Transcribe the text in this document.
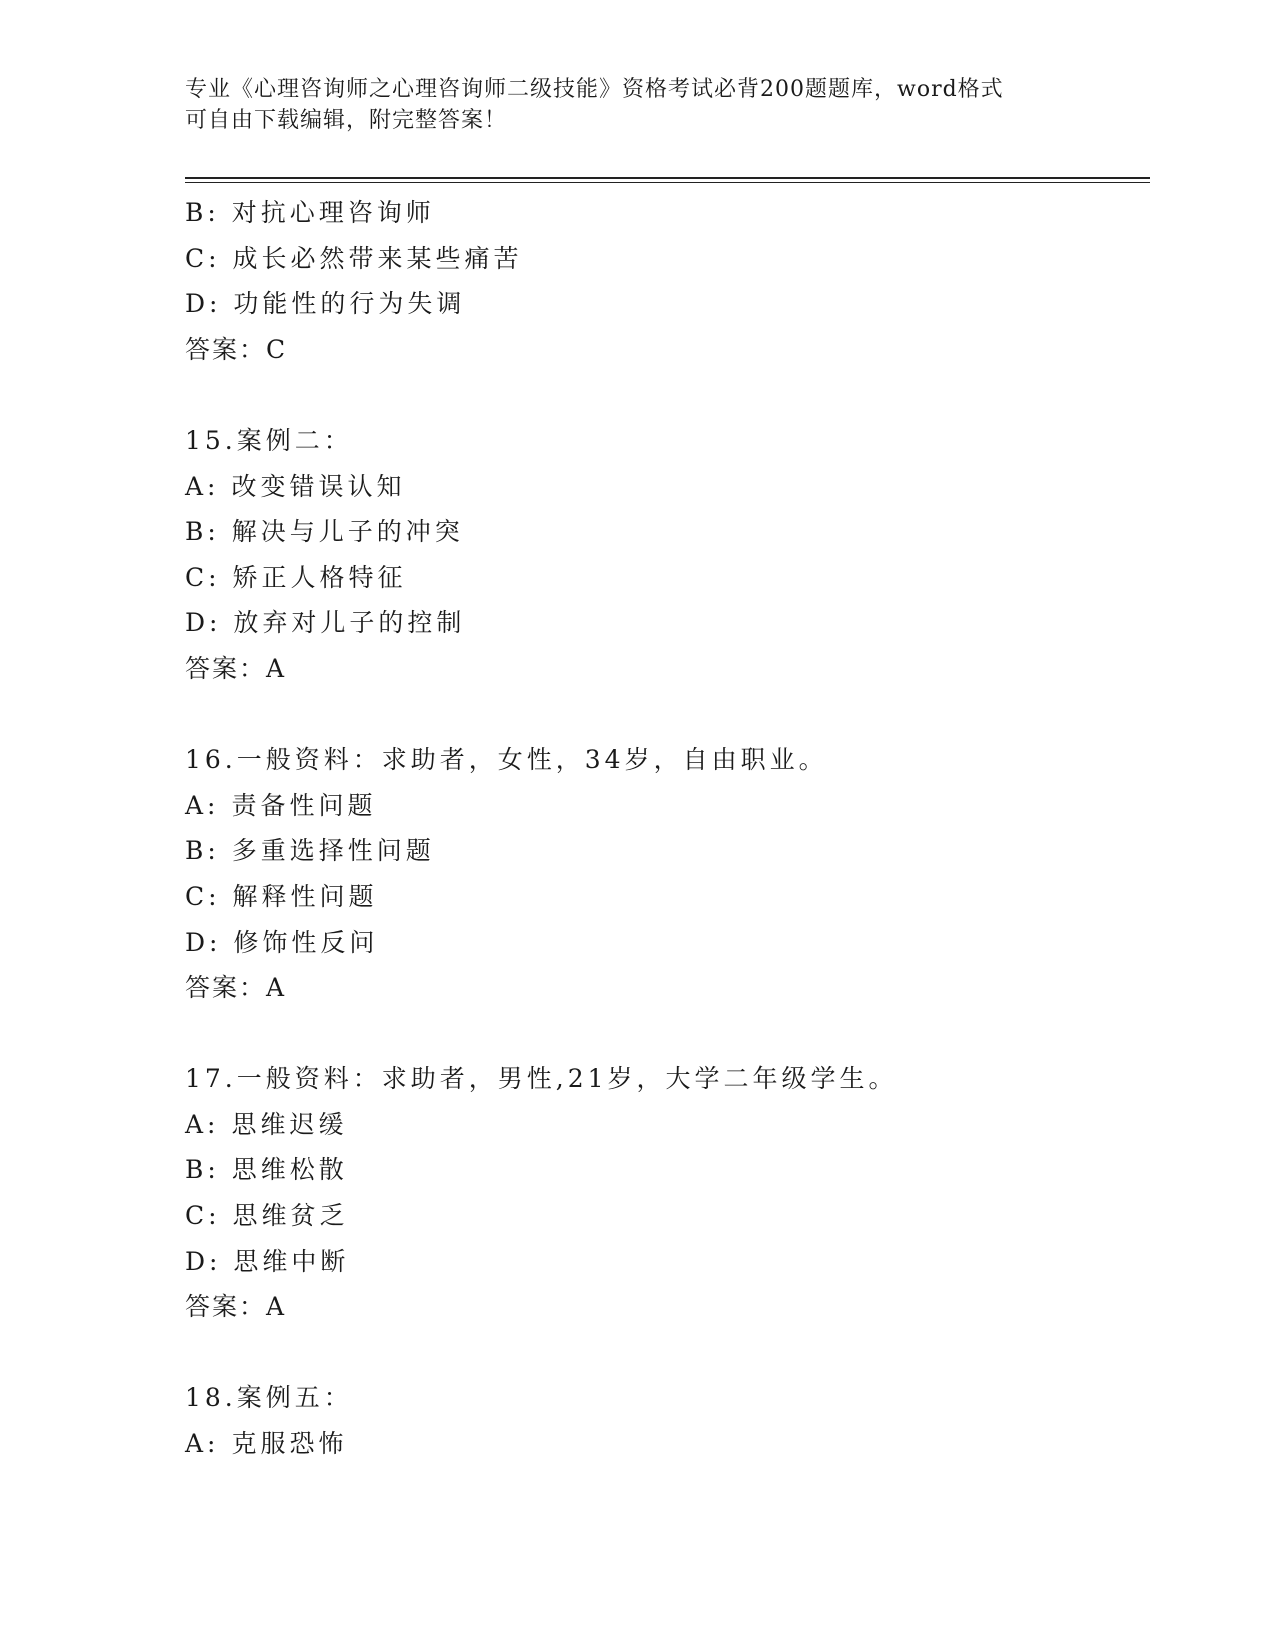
专业《心理咨询师之心理咨询师二级技能》资格考试必背200题题库，word格式
可自由下载编辑，附完整答案！
B: 对抗心理咨询师
C: 成长必然带来某些痛苦
D: 功能性的行为失调
答案：C
15.案例二：
A: 改变错误认知
B: 解决与儿子的冲突
C: 矫正人格特征
D: 放弃对儿子的控制
答案：A
16.一般资料：求助者，女性，34岁，自由职业。
A: 责备性问题
B: 多重选择性问题
C: 解释性问题
D: 修饰性反问
答案：A
17.一般资料：求助者，男性,21岁，大学二年级学生。
A: 思维迟缓
B: 思维松散
C: 思维贫乏
D: 思维中断
答案：A
18.案例五：
A: 克服恐怖
